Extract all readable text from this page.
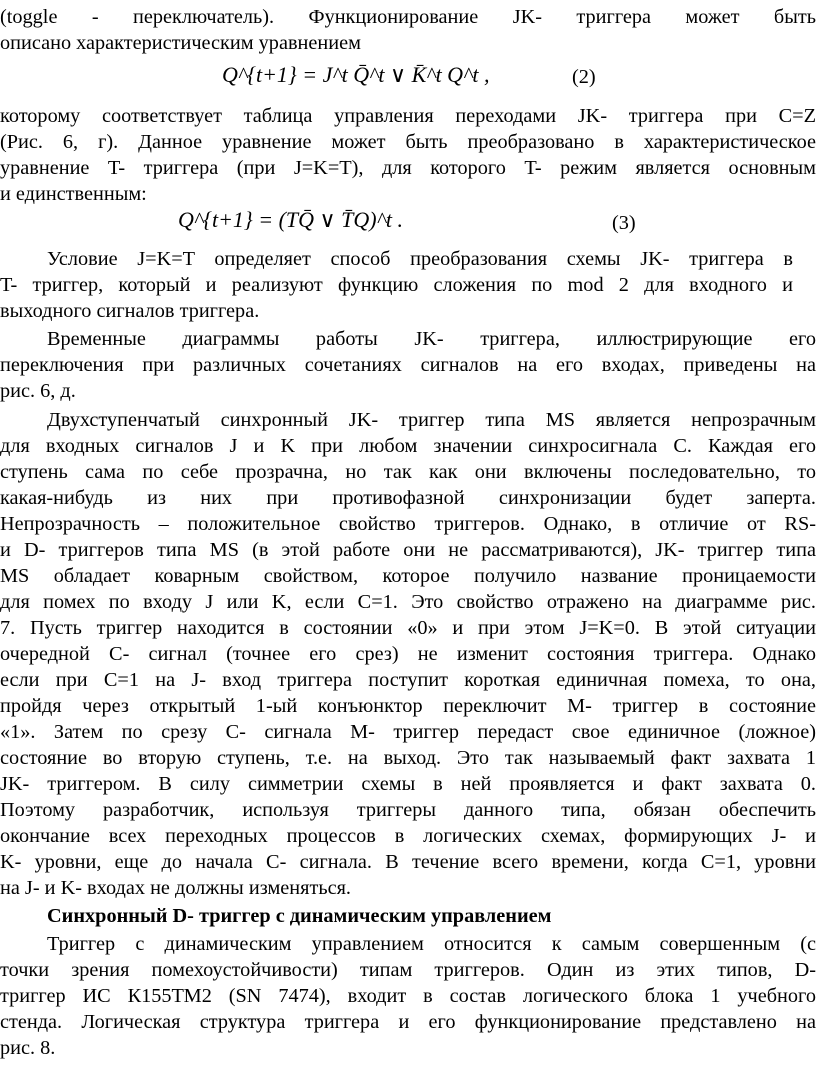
(toggle - переключатель). Функционирование JK- триггера может быть
описано характеристическим уравнением
Q^{t+1} = J^t Q̄^t ∨ K̄^t Q^t ,	(2)
которому соответствует таблица управления переходами JK- триггера при C=Z
(Рис. 6, г). Данное уравнение может быть преобразовано в характеристическое
уравнение T- триггера (при J=K=T), для которого T- режим является основным
и единственным:
Q^{t+1} = (TQ̄ ∨ T̄Q)^t .	(3)
Условие J=K=T определяет способ преобразования схемы JK- триггера в
T- триггер, который и реализуют функцию сложения по mod 2 для входного и
выходного сигналов триггера.
Временные диаграммы работы JK- триггера, иллюстрирующие его
переключения при различных сочетаниях сигналов на его входах, приведены на
рис. 6, д.
Двухступенчатый синхронный JK- триггер типа MS является непрозрачным
для входных сигналов J и K при любом значении синхросигнала C. Каждая его
ступень сама по себе прозрачна, но так как они включены последовательно, то
какая-нибудь из них при противофазной синхронизации будет заперта.
Непрозрачность – положительное свойство триггеров. Однако, в отличие от RS-
и D- триггеров типа MS (в этой работе они не рассматриваются), JK- триггер типа
MS обладает коварным свойством, которое получило название проницаемости
для помех по входу J или K, если C=1. Это свойство отражено на диаграмме рис.
7. Пусть триггер находится в состоянии «0» и при этом J=K=0. В этой ситуации
очередной C- сигнал (точнее его срез) не изменит состояния триггера. Однако
если при C=1 на J- вход триггера поступит короткая единичная помеха, то она,
пройдя через открытый 1-ый конъюнктор переключит M- триггер в состояние
«1». Затем по срезу C- сигнала M- триггер передаст свое единичное (ложное)
состояние во вторую ступень, т.е. на выход. Это так называемый факт захвата 1
JK- триггером. В силу симметрии схемы в ней проявляется и факт захвата 0.
Поэтому разработчик, используя триггеры данного типа, обязан обеспечить
окончание всех переходных процессов в логических схемах, формирующих J- и
K- уровни, еще до начала C- сигнала. В течение всего времени, когда C=1, уровни
на J- и K- входах не должны изменяться.
Синхронный D- триггер с динамическим управлением
Триггер с динамическим управлением относится к самым совершенным (с
точки зрения помехоустойчивости) типам триггеров. Один из этих типов, D-
триггер ИС К155ТМ2 (SN 7474), входит в состав логического блока 1 учебного
стенда. Логическая структура триггера и его функционирование представлено на
рис. 8.
